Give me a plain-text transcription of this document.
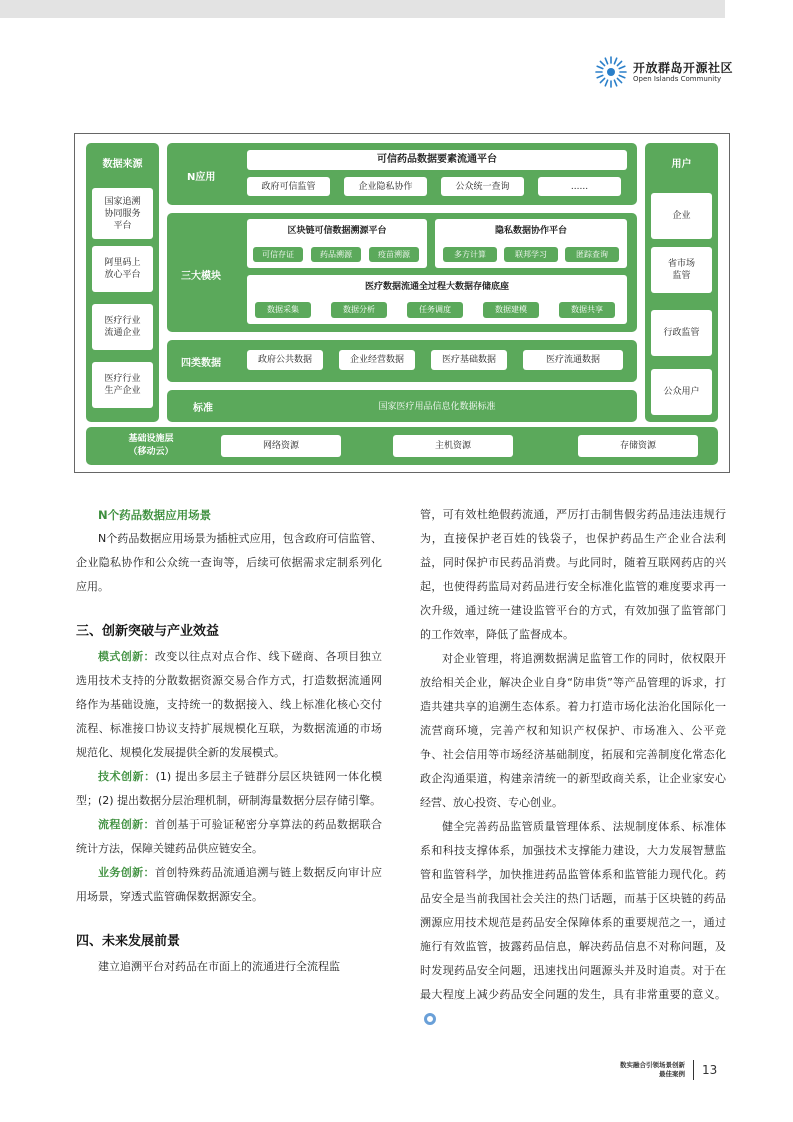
开放群岛开源社区
Open Islands Community
数据来源
国家追溯
协同服务
平台
阿里码上
放心平台
医疗行业
流通企业
医疗行业
生产企业
N应用
可信药品数据要素流通平台
政府可信监管	企业隐私协作	公众统一查询	......
三大模块
区块链可信数据溯源平台
可信存证	药品溯源	疫苗溯源
隐私数据协作平台
多方计算	联邦学习	匿踪查询
医疗数据流通全过程大数据存储底座
数据采集	数据分析	任务调度	数据建模	数据共享
四类数据	政府公共数据	企业经营数据	医疗基础数据	医疗流通数据
标准	国家医疗用品信息化数据标准
用户
企业
省市场
监管
行政监管
公众用户
基础设施层
（移动云）
网络资源	主机资源	存储资源

N个药品数据应用场景

N个药品数据应用场景为插桩式应用，包含政府可信监管、企业隐私协作和公众统一查询等，后续可依据需求定制系列化应用。

三、创新突破与产业效益

模式创新：改变以往点对点合作、线下磋商、各项目独立选用技术支持的分散数据资源交易合作方式，打造数据流通网络作为基础设施，支持统一的数据接入、线上标准化核心交付流程、标准接口协议支持扩展规模化互联，为数据流通的市场规范化、规模化发展提供全新的发展模式。

技术创新：(1) 提出多层主子链群分层区块链网一体化模型；(2) 提出数据分层治理机制，研制海量数据分层存储引擎。

流程创新：首创基于可验证秘密分享算法的药品数据联合统计方法，保障关键药品供应链安全。

业务创新：首创特殊药品流通追溯与链上数据反向审计应用场景，穿透式监管确保数据源安全。

四、未来发展前景

建立追溯平台对药品在市面上的流通进行全流程监

管，可有效杜绝假药流通，严厉打击制售假劣药品违法违规行为，直接保护老百姓的钱袋子，也保护药品生产企业合法利益，同时保护市民药品消费。与此同时，随着互联网药店的兴起，也使得药监局对药品进行安全标准化监管的难度要求再一次升级，通过统一建设监管平台的方式，有效加强了监管部门的工作效率，降低了监督成本。

对企业管理，将追溯数据满足监管工作的同时，依权限开放给相关企业，解决企业自身“防串货”等产品管理的诉求，打造共建共享的追溯生态体系。着力打造市场化法治化国际化一流营商环境，完善产权和知识产权保护、市场准入、公平竞争、社会信用等市场经济基础制度，拓展和完善制度化常态化政企沟通渠道，构建亲清统一的新型政商关系，让企业家安心经营、放心投资、专心创业。

健全完善药品监管质量管理体系、法规制度体系、标准体系和科技支撑体系，加强技术支撑能力建设，大力发展智慧监管和监管科学，加快推进药品监管体系和监管能力现代化。药品安全是当前我国社会关注的热门话题，而基于区块链的药品溯源应用技术规范是药品安全保障体系的重要规范之一，通过施行有效监管，披露药品信息，解决药品信息不对称问题，及时发现药品安全问题，迅速找出问题源头并及时追责。对于在最大程度上减少药品安全问题的发生，具有非常重要的意义。

数实融合引领场景创新
最佳案例 13
